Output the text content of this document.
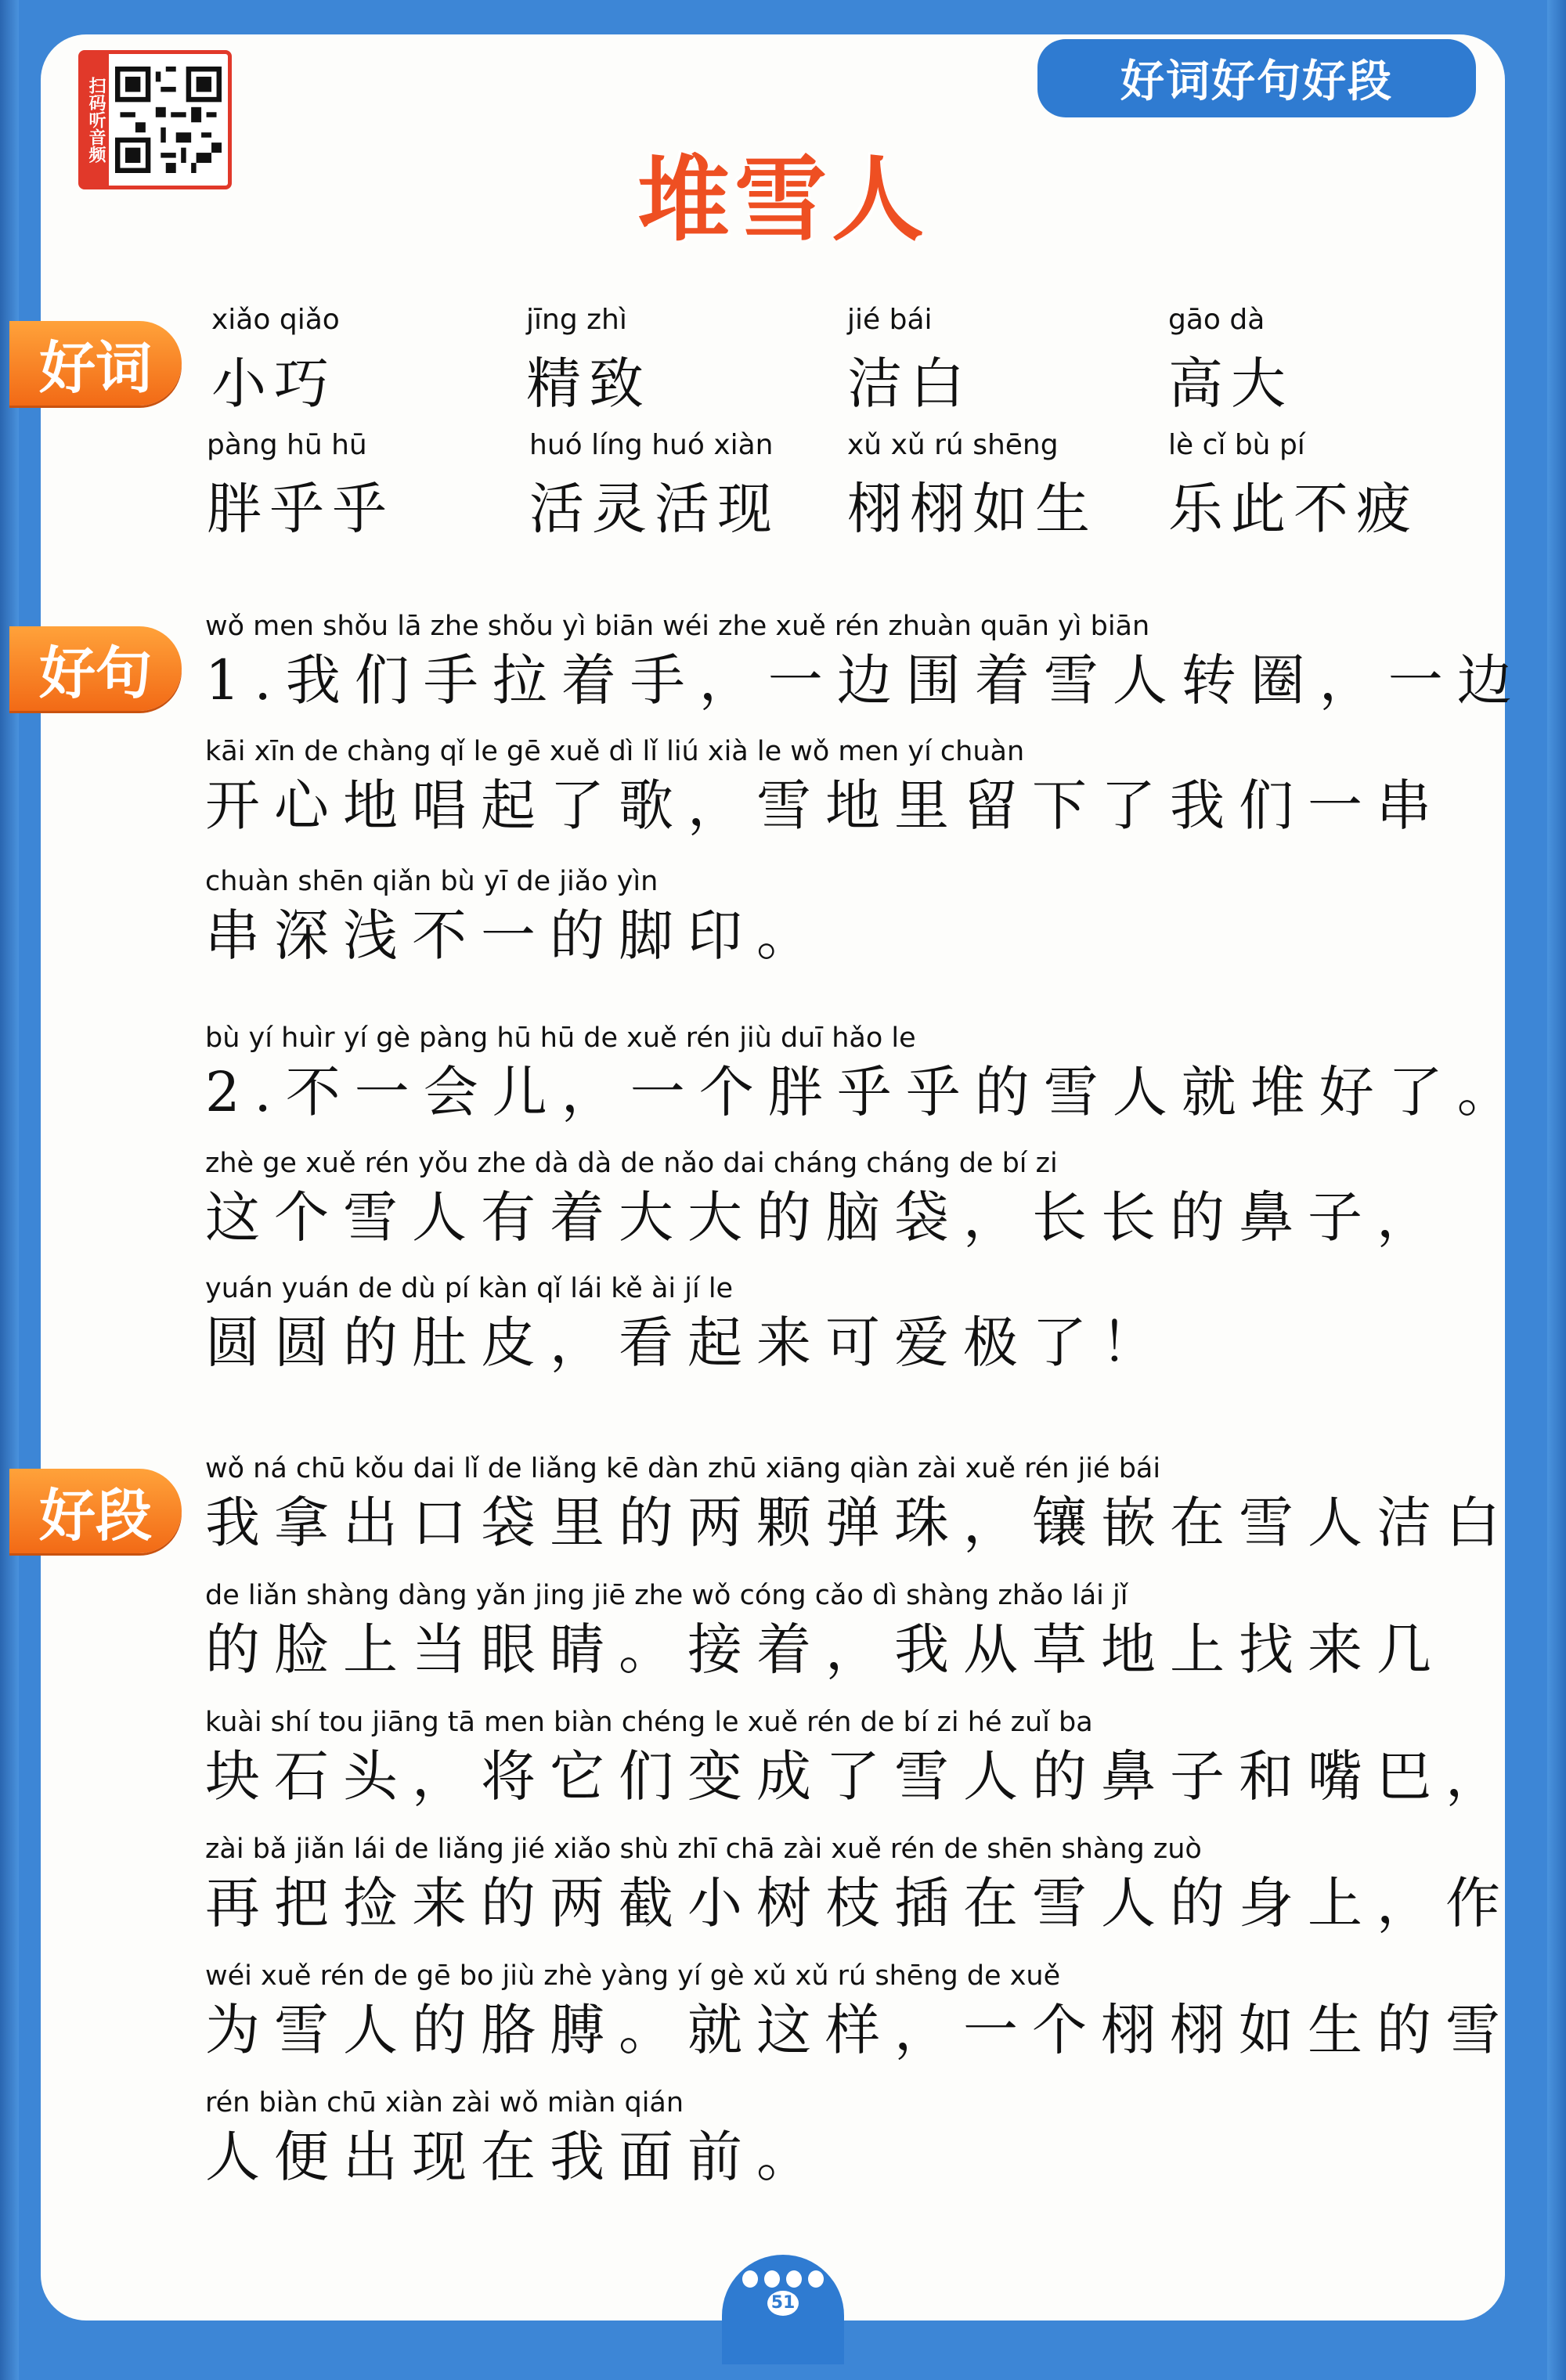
扫码听音频	好词好句好段
堆雪人
好词
xiǎo qiǎo
小巧
jīng zhì
精致
jié bái
洁白
gāo dà
高大
pàng hū hū
胖乎乎
huó líng huó xiàn
活灵活现
xǔ xǔ rú shēng
栩栩如生
lè cǐ bù pí
乐此不疲
好句
wǒ men shǒu lā zhe shǒu yì biān wéi zhe xuě rén zhuàn quān yì biān
1.我们手拉着手，一边围着雪人转圈，一边
kāi xīn de chàng qǐ le gē xuě dì lǐ liú xià le wǒ men yí chuàn
开心地唱起了歌，雪地里留下了我们一串
chuàn shēn qiǎn bù yī de jiǎo yìn
串深浅不一的脚印。
bù yí huìr yí gè pàng hū hū de xuě rén jiù duī hǎo le
2.不一会儿，一个胖乎乎的雪人就堆好了。
zhè ge xuě rén yǒu zhe dà dà de nǎo dai cháng cháng de bí zi
这个雪人有着大大的脑袋，长长的鼻子，
yuán yuán de dù pí kàn qǐ lái kě ài jí le
圆圆的肚皮，看起来可爱极了！
好段
wǒ ná chū kǒu dai lǐ de liǎng kē dàn zhū xiāng qiàn zài xuě rén jié bái
我拿出口袋里的两颗弹珠，镶嵌在雪人洁白
de liǎn shàng dàng yǎn jing jiē zhe wǒ cóng cǎo dì shàng zhǎo lái jǐ
的脸上当眼睛。接着，我从草地上找来几
kuài shí tou jiāng tā men biàn chéng le xuě rén de bí zi hé zuǐ ba
块石头，将它们变成了雪人的鼻子和嘴巴，
zài bǎ jiǎn lái de liǎng jié xiǎo shù zhī chā zài xuě rén de shēn shàng zuò
再把捡来的两截小树枝插在雪人的身上，作
wéi xuě rén de gē bo jiù zhè yàng yí gè xǔ xǔ rú shēng de xuě
为雪人的胳膊。就这样，一个栩栩如生的雪
rén biàn chū xiàn zài wǒ miàn qián
人便出现在我面前。
51
